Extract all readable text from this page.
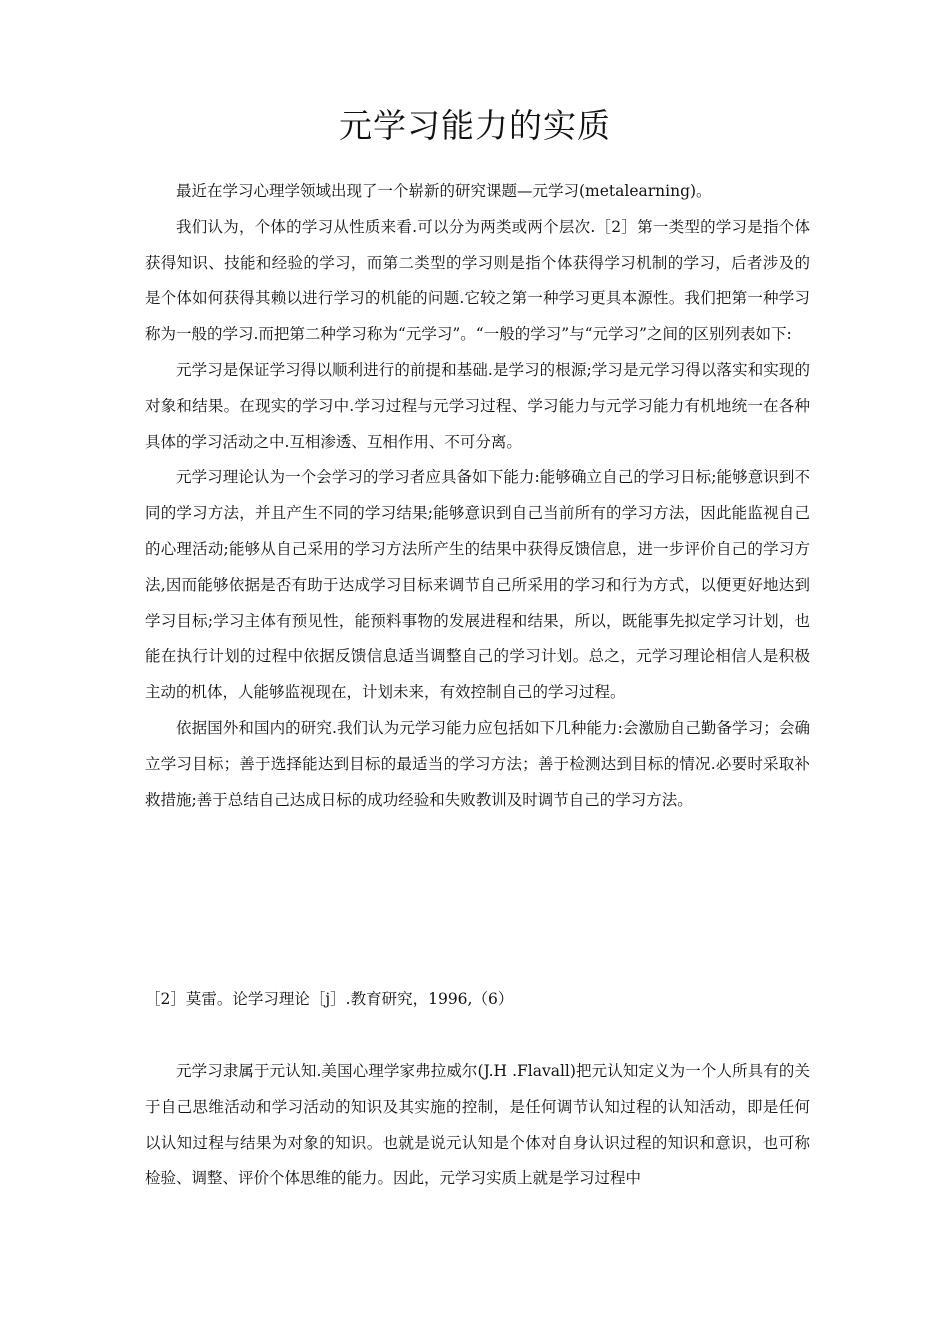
元学习能力的实质

最近在学习心理学领域出现了一个崭新的研究课题—元学习(metalearning)。

我们认为，个体的学习从性质来看.可以分为两类或两个层次.［2］第一类型的学习是指个体获得知识、技能和经验的学习，而第二类型的学习则是指个体获得学习机制的学习，后者涉及的是个体如何获得其赖以进行学习的机能的问题.它较之第一种学习更具本源性。我们把第一种学习称为一般的学习.而把第二种学习称为“元学习”。“一般的学习”与“元学习”之间的区别列表如下:

元学习是保证学习得以顺利进行的前提和基础.是学习的根源;学习是元学习得以落实和实现的对象和结果。在现实的学习中.学习过程与元学习过程、学习能力与元学习能力有机地统一在各种具体的学习活动之中.互相渗透、互相作用、不可分离。

元学习理论认为一个会学习的学习者应具备如下能力:能够确立自己的学习日标;能够意识到不同的学习方法，并且产生不同的学习结果;能够意识到自己当前所有的学习方法，因此能监视自己的心理活动;能够从自己采用的学习方法所产生的结果中获得反馈信息，进一步评价自己的学习方法,因而能够依据是否有助于达成学习目标来调节自己所采用的学习和行为方式，以便更好地达到学习目标;学习主体有预见性，能预料事物的发展进程和结果，所以，既能事先拟定学习计划，也能在执行计划的过程中依据反馈信息适当调整自己的学习计划。总之，元学习理论相信人是积极主动的机体，人能够监视现在，计划未来，有效控制自己的学习过程。

依据国外和国内的研究.我们认为元学习能力应包括如下几种能力:会激励自己勤备学习；会确立学习目标；善于选择能达到目标的最适当的学习方法；善于检测达到目标的情况.必要时采取补救措施;善于总结自己达成日标的成功经验和失败教训及时调节自己的学习方法。

［2］莫雷。论学习理论［j］.教育研究，1996,（6）

元学习隶属于元认知.美国心理学家弗拉威尔(J.H .Flavall)把元认知定义为一个人所具有的关于自己思维活动和学习活动的知识及其实施的控制，是任何调节认知过程的认知活动，即是任何以认知过程与结果为对象的知识。也就是说元认知是个体对自身认识过程的知识和意识，也可称检验、调整、评价个体思维的能力。因此，元学习实质上就是学习过程中
